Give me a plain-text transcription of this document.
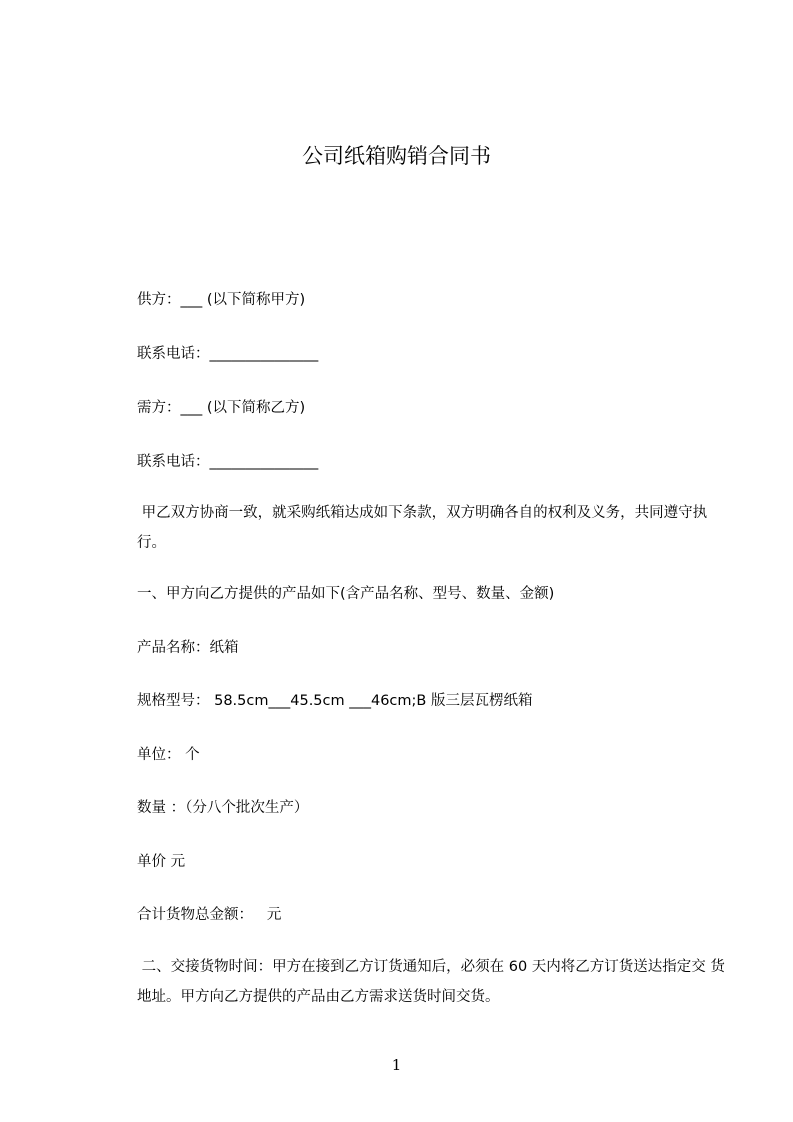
公司纸箱购销合同书
供方：___ (以下简称甲方)
联系电话：_______________
需方：___ (以下简称乙方)
联系电话：_______________
甲乙双方协商一致，就采购纸箱达成如下条款，双方明确各自的权利及义务，共同遵守执行。
一、甲方向乙方提供的产品如下(含产品名称、型号、数量、金额)
产品名称：纸箱
规格型号： 58.5cm___45.5cm ___46cm;B 版三层瓦楞纸箱
单位： 个
数量 ：（分八个批次生产）
单价 元
合计货物总金额：   元
二、交接货物时间：甲方在接到乙方订货通知后，必须在 60 天内将乙方订货送达指定交 货地址。甲方向乙方提供的产品由乙方需求送货时间交货。
1
